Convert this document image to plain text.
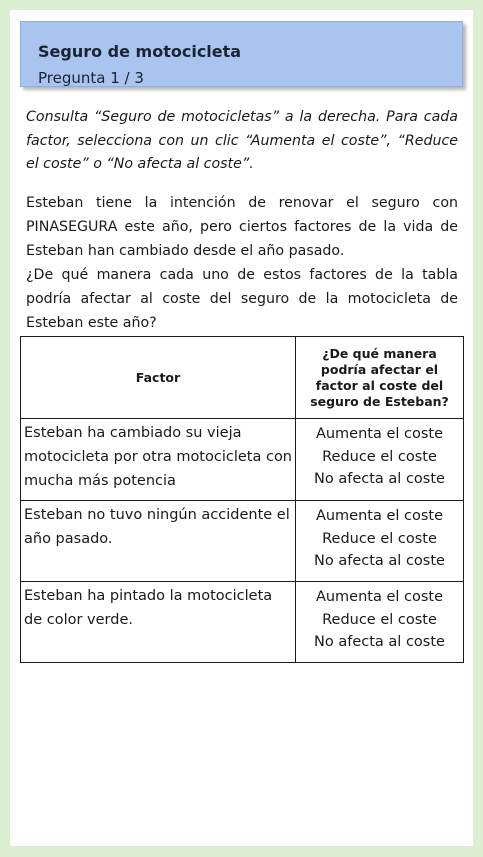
Seguro de motocicleta
Pregunta 1 / 3

Consulta “Seguro de motocicletas” a la derecha. Para cada factor, selecciona con un clic “Aumenta el coste”, “Reduce el coste” o “No afecta al coste”.

Esteban tiene la intención de renovar el seguro con PINASEGURA este año, pero ciertos factores de la vida de Esteban han cambiado desde el año pasado.

¿De qué manera cada uno de estos factores de la tabla podría afectar al coste del seguro de la motocicleta de Esteban este año?

Factor	¿De qué manera podría afectar el factor al coste del seguro de Esteban?
Esteban ha cambiado su vieja motocicleta por otra motocicleta con mucha más potencia	Aumenta el coste
Reduce el coste
No afecta al coste

Esteban no tuvo ningún accidente el año pasado.	Aumenta el coste
Reduce el coste
No afecta al coste

Esteban ha pintado la motocicleta de color verde.	Aumenta el coste
Reduce el coste
No afecta al coste
